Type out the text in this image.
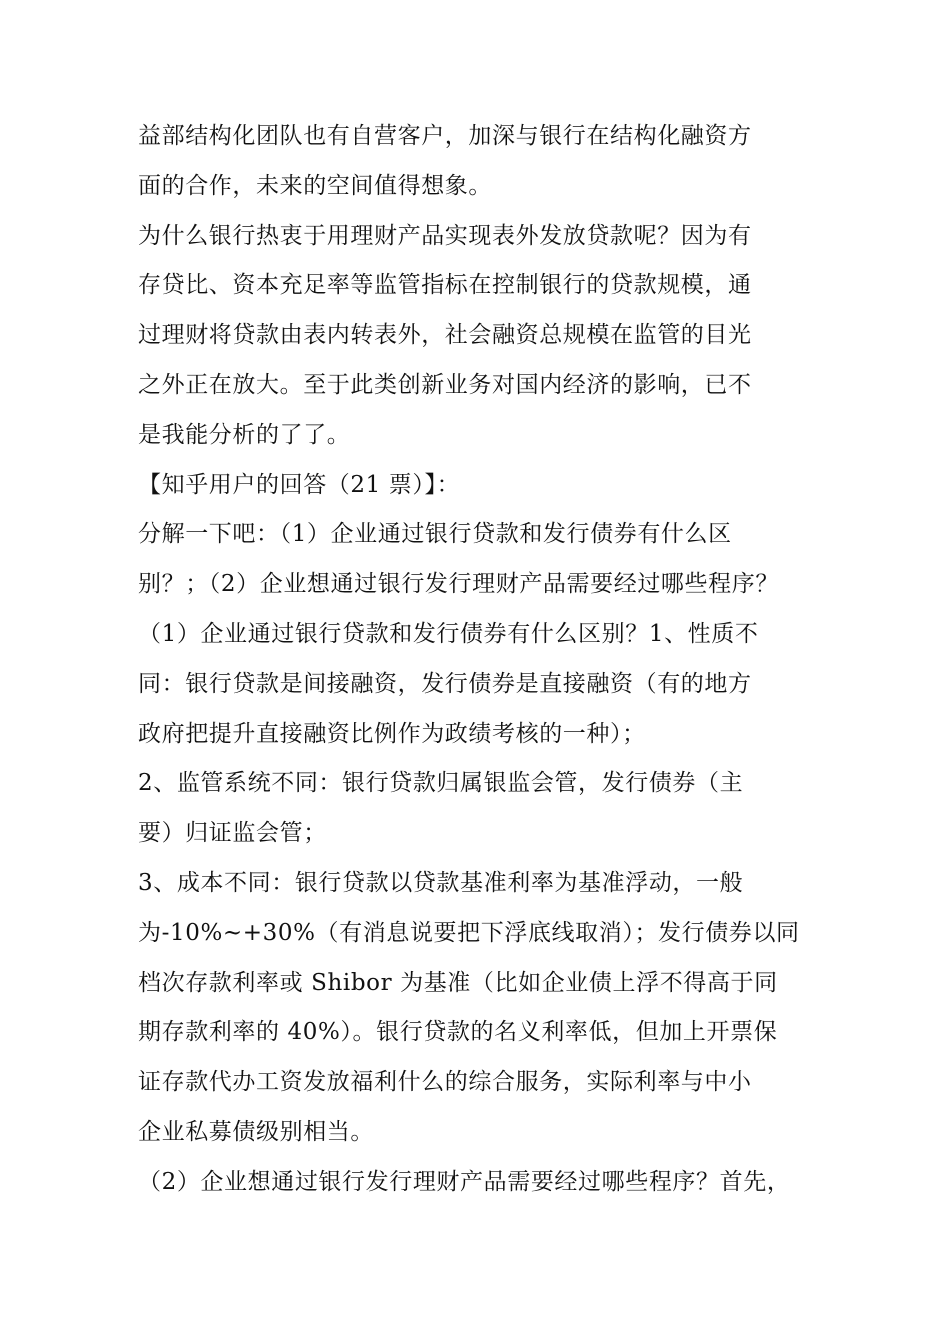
益部结构化团队也有自营客户，加深与银行在结构化融资方
面的合作，未来的空间值得想象。
为什么银行热衷于用理财产品实现表外发放贷款呢？因为有
存贷比、资本充足率等监管指标在控制银行的贷款规模，通
过理财将贷款由表内转表外，社会融资总规模在监管的目光
之外正在放大。至于此类创新业务对国内经济的影响，已不
是我能分析的了了。
【知乎用户的回答（21 票）】：
分解一下吧：（1）企业通过银行贷款和发行债券有什么区
别？；（2）企业想通过银行发行理财产品需要经过哪些程序？
（1）企业通过银行贷款和发行债券有什么区别？1、性质不
同：银行贷款是间接融资，发行债券是直接融资（有的地方
政府把提升直接融资比例作为政绩考核的一种）；
2、监管系统不同：银行贷款归属银监会管，发行债券（主
要）归证监会管；
3、成本不同：银行贷款以贷款基准利率为基准浮动，一般
为-10%~+30%（有消息说要把下浮底线取消）；发行债券以同
档次存款利率或 Shibor 为基准（比如企业债上浮不得高于同
期存款利率的 40%）。银行贷款的名义利率低，但加上开票保
证存款代办工资发放福利什么的综合服务，实际利率与中小
企业私募债级别相当。
（2）企业想通过银行发行理财产品需要经过哪些程序？首先，
